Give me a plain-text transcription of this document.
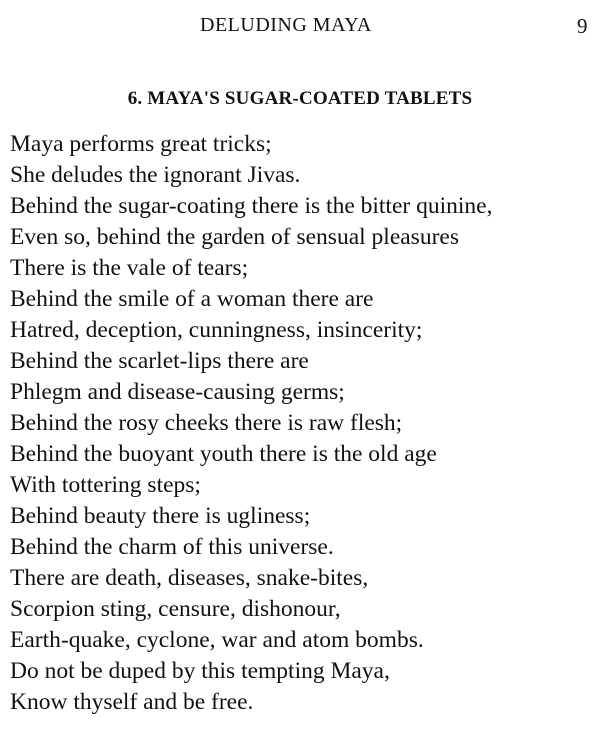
DELUDING MAYA	9
6. MAYA'S SUGAR-COATED TABLETS
Maya performs great tricks;
She deludes the ignorant Jivas.
Behind the sugar-coating there is the bitter quinine,
Even so, behind the garden of sensual pleasures
There is the vale of tears;
Behind the smile of a woman there are
Hatred, deception, cunningness, insincerity;
Behind the scarlet-lips there are
Phlegm and disease-causing germs;
Behind the rosy cheeks there is raw flesh;
Behind the buoyant youth there is the old age
With tottering steps;
Behind beauty there is ugliness;
Behind the charm of this universe.
There are death, diseases, snake-bites,
Scorpion sting, censure, dishonour,
Earth-quake, cyclone, war and atom bombs.
Do not be duped by this tempting Maya,
Know thyself and be free.
